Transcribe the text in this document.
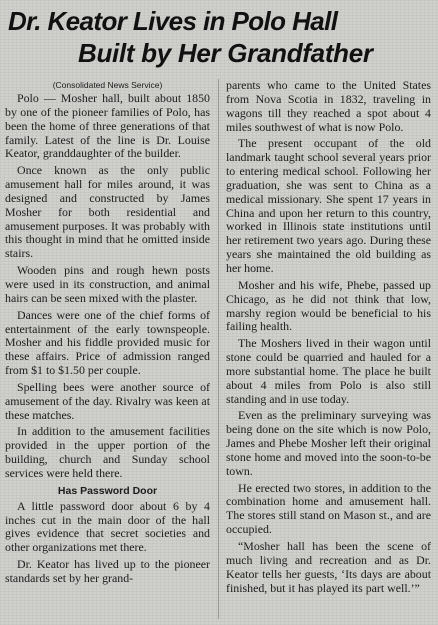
Dr. Keator Lives in Polo Hall
Built by Her Grandfather
(Consolidated News Service)

Polo — Mosher hall, built about 1850 by one of the pioneer families of Polo, has been the home of three generations of that family. Latest of the line is Dr. Louise Keator, granddaughter of the builder.

Once known as the only public amusement hall for miles around, it was designed and constructed by James Mosher for both residential and amusement purposes. It was probably with this thought in mind that he omitted inside stairs.

Wooden pins and rough hewn posts were used in its construction, and animal hairs can be seen mixed with the plaster.

Dances were one of the chief forms of entertainment of the early townspeople. Mosher and his fiddle provided music for these affairs. Price of admission ranged from $1 to $1.50 per couple.

Spelling bees were another source of amusement of the day. Rivalry was keen at these matches.

In addition to the amusement facilities provided in the upper portion of the building, church and Sunday school services were held there.

Has Password Door

A little password door about 6 by 4 inches cut in the main door of the hall gives evidence that secret societies and other organizations met there.

Dr. Keator has lived up to the pioneer standards set by her grand-

parents who came to the United States from Nova Scotia in 1832, traveling in wagons till they reached a spot about 4 miles southwest of what is now Polo.

The present occupant of the old landmark taught school several years prior to entering medical school. Following her graduation, she was sent to China as a medical missionary. She spent 17 years in China and upon her return to this country, worked in Illinois state institutions until her retirement two years ago. During these years she maintained the old building as her home.

Mosher and his wife, Phebe, passed up Chicago, as he did not think that low, marshy region would be beneficial to his failing health.

The Moshers lived in their wagon until stone could be quarried and hauled for a more substantial home. The place he built about 4 miles from Polo is also still standing and in use today.

Even as the preliminary surveying was being done on the site which is now Polo, James and Phebe Mosher left their original stone home and moved into the soon-to-be town.

He erected two stores, in addition to the combination home and amusement hall. The stores still stand on Mason st., and are occupied.

“Mosher hall has been the scene of much living and recreation and as Dr. Keator tells her guests, ‘Its days are about finished, but it has played its part well.’”
